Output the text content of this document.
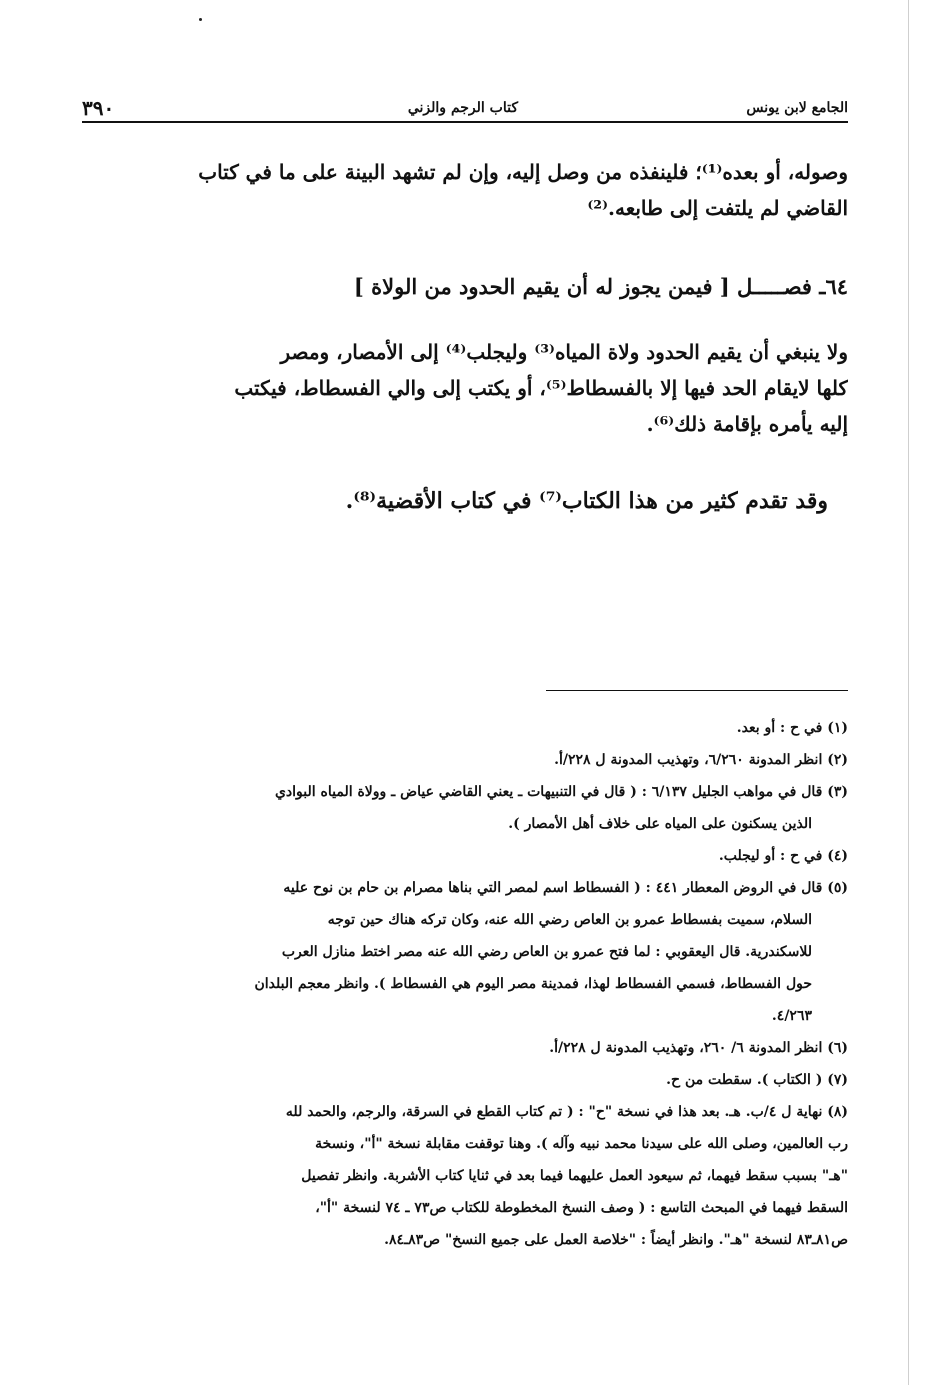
الجامع لابن يونس
كتاب الرجم والزني
٣٩٠
وصوله، أو بعده⁽¹⁾؛ فلينفذه من وصل إليه، وإن لم تشهد البينة على ما في كتاب
القاضي لم يلتفت إلى طابعه.⁽²⁾
٦٤ـ فصـــــل [ فيمن يجوز له أن يقيم الحدود من الولاة ]
ولا ينبغي أن يقيم الحدود ولاة المياه⁽³⁾ وليجلب⁽⁴⁾ إلى الأمصار، ومصر
كلها لايقام الحد فيها إلا بالفسطاط⁽⁵⁾، أو يكتب إلى والي الفسطاط، فيكتب
إليه يأمره بإقامة ذلك⁽⁶⁾.
وقد تقدم كثير من هذا الكتاب⁽⁷⁾ في كتاب الأقضية⁽⁸⁾.
(١) في ح : أو بعد.
(٢) انظر المدونة ٦/٢٦٠، وتهذيب المدونة ل ٢٢٨/أ.
(٣) قال في مواهب الجليل ٦/١٣٧ : ( قال في التنبيهات ـ يعني القاضي عياض ـ وولاة المياه البوادي
الذين يسكنون على المياه على خلاف أهل الأمصار ).
(٤) في ح : أو ليجلب.
(٥) قال في الروض المعطار ٤٤١ : ( الفسطاط اسم لمصر التي بناها مصرام بن حام بن نوح عليه
السلام، سميت بفسطاط عمرو بن العاص رضي الله عنه، وكان تركه هناك حين توجه
للاسكندرية. قال اليعقوبي : لما فتح عمرو بن العاص رضي الله عنه مصر اختط منازل العرب
حول الفسطاط، فسمي الفسطاط لهذا، فمدينة مصر اليوم هي الفسطاط ). وانظر معجم البلدان
٤/٢٦٣.
(٦) انظر المدونة ٦/ ٢٦٠، وتهذيب المدونة ل ٢٢٨/أ.
(٧) ( الكتاب ). سقطت من ح.
(٨) نهاية ل ٤/ب. هـ. بعد هذا في نسخة "ح" : ( تم كتاب القطع في السرقة، والرجم، والحمد لله
رب العالمين، وصلى الله على سيدنا محمد نبيه وآله ). وهنا توقفت مقابلة نسخة "أ"، ونسخة
"هـ" بسبب سقط فيهما، ثم سيعود العمل عليهما فيما بعد في ثنايا كتاب الأشربة. وانظر تفصيل
السقط فيهما في المبحث التاسع : ( وصف النسخ المخطوطة للكتاب ص٧٣ ـ ٧٤ لنسخة "أ"،
ص٨١ـ٨٣ لنسخة "هـ". وانظر أيضاً : "خلاصة العمل على جميع النسخ" ص٨٣ـ٨٤.
